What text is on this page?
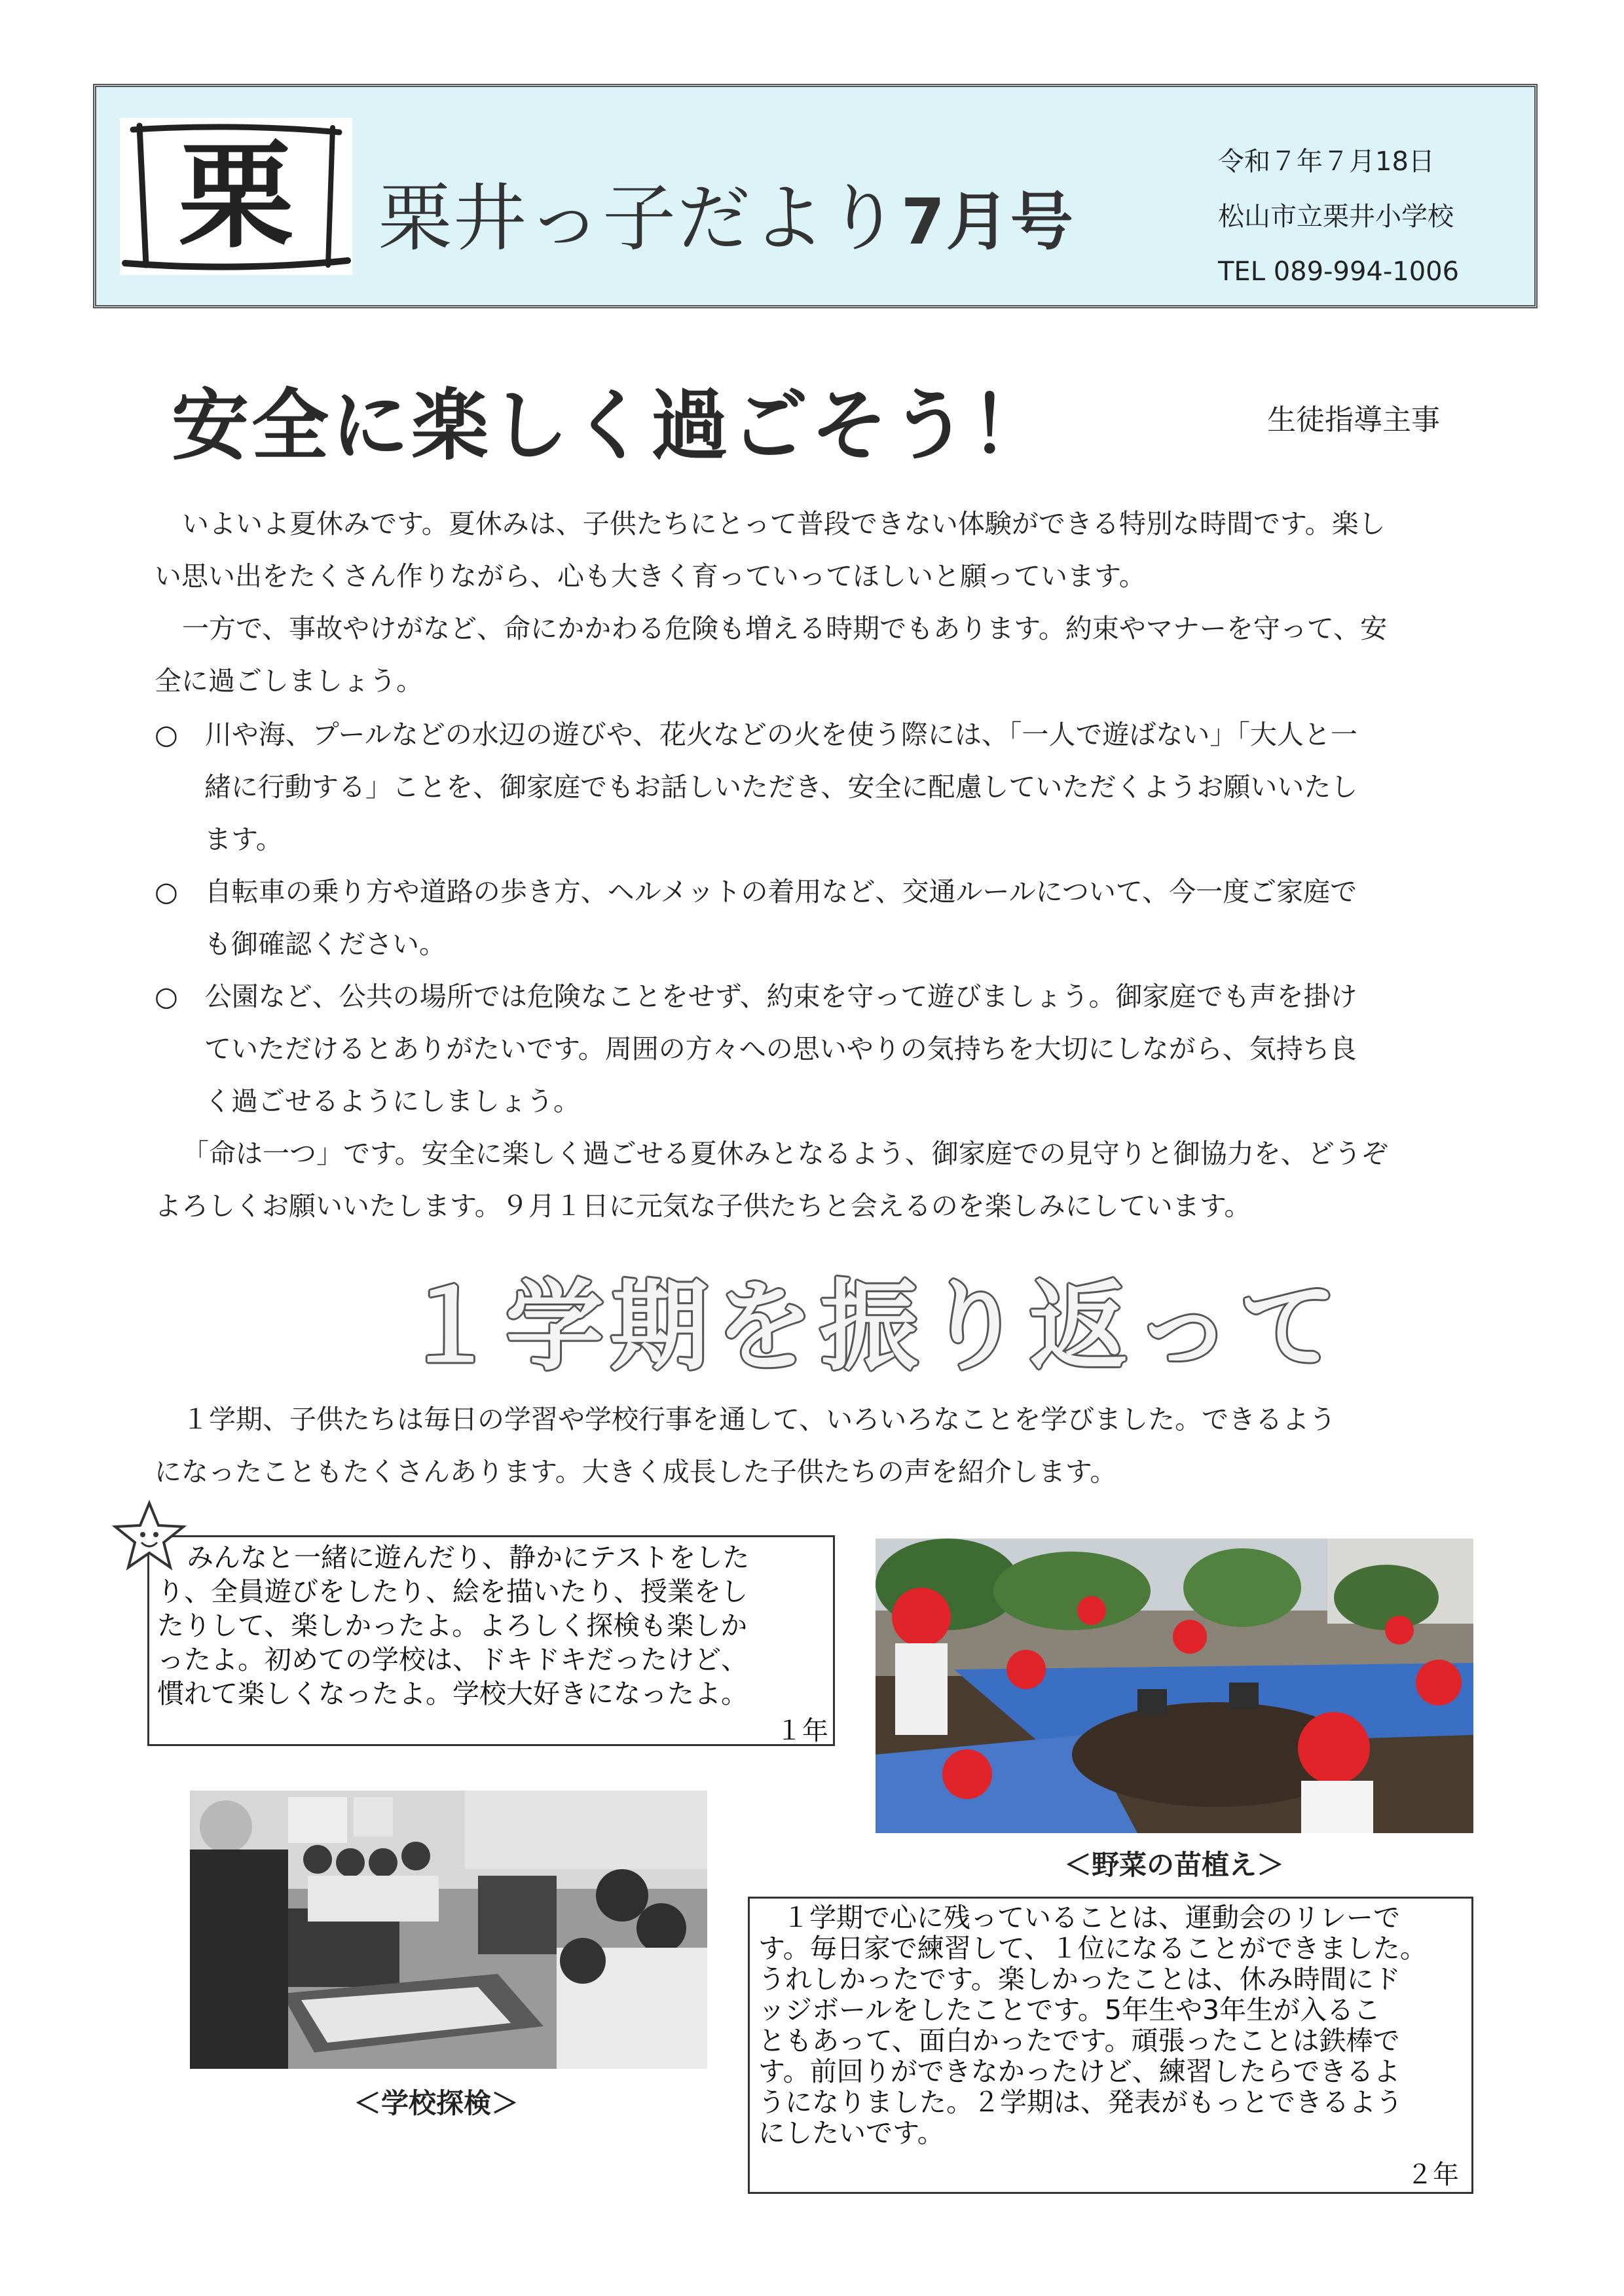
栗	栗井っ子だより7月号
令和７年７月18日
松山市立栗井小学校
TEL 089-994-1006
安全に楽しく過ごそう！	生徒指導主事
いよいよ夏休みです。夏休みは、子供たちにとって普段できない体験ができる特別な時間です。楽し
い思い出をたくさん作りながら、心も大きく育っていってほしいと願っています。
一方で、事故やけがなど、命にかかわる危険も増える時期でもあります。約束やマナーを守って、安
全に過ごしましょう。
○　川や海、プールなどの水辺の遊びや、花火などの火を使う際には、「一人で遊ばない」「大人と一
緒に行動する」ことを、御家庭でもお話しいただき、安全に配慮していただくようお願いいたし
ます。
○　自転車の乗り方や道路の歩き方、ヘルメットの着用など、交通ルールについて、今一度ご家庭で
も御確認ください。
○　公園など、公共の場所では危険なことをせず、約束を守って遊びましょう。御家庭でも声を掛け
ていただけるとありがたいです。周囲の方々への思いやりの気持ちを大切にしながら、気持ち良
く過ごせるようにしましょう。
「命は一つ」です。安全に楽しく過ごせる夏休みとなるよう、御家庭での見守りと御協力を、どうぞ
よろしくお願いいたします。９月１日に元気な子供たちと会えるのを楽しみにしています。
１学期を振り返って
１学期、子供たちは毎日の学習や学校行事を通して、いろいろなことを学びました。できるよう
になったこともたくさんあります。大きく成長した子供たちの声を紹介します。
みんなと一緒に遊んだり、静かにテストをした
り、全員遊びをしたり、絵を描いたり、授業をし
たりして、楽しかったよ。よろしく探検も楽しか
ったよ。初めての学校は、ドキドキだったけど、
慣れて楽しくなったよ。学校大好きになったよ。
１年
＜野菜の苗植え＞
＜学校探検＞
１学期で心に残っていることは、運動会のリレーで
す。毎日家で練習して、１位になることができました。
うれしかったです。楽しかったことは、休み時間にド
ッジボールをしたことです。5年生や3年生が入るこ
ともあって、面白かったです。頑張ったことは鉄棒で
す。前回りができなかったけど、練習したらできるよ
うになりました。２学期は、発表がもっとできるよう
にしたいです。
２年
